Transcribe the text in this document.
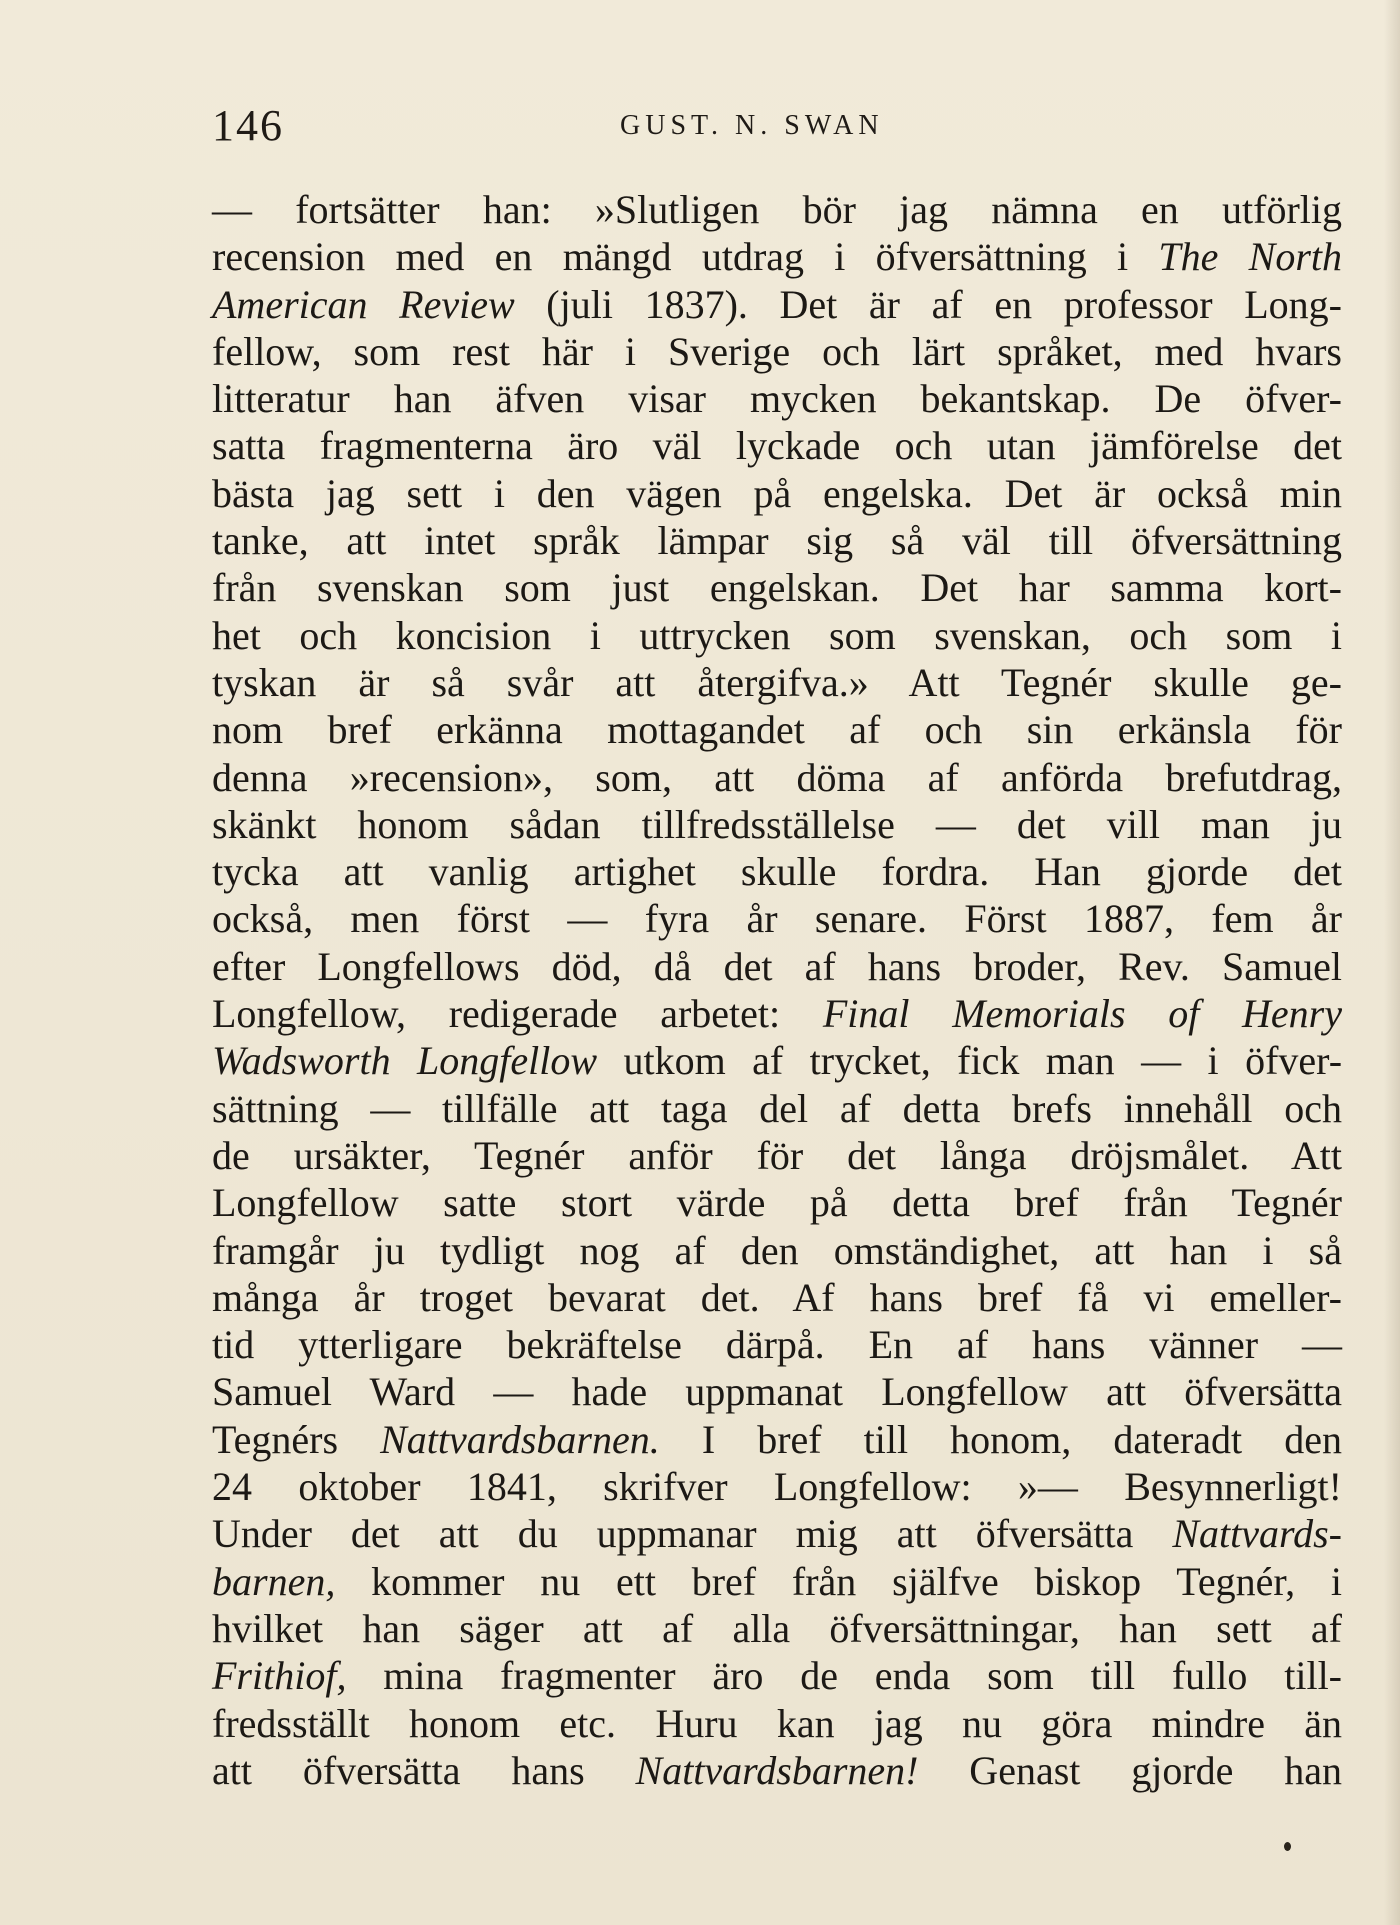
146	GUST. N. SWAN
— fortsätter han: »Slutligen bör jag nämna en utförlig
recension med en mängd utdrag i öfversättning i The North
American Review (juli 1837). Det är af en professor Long-
fellow, som rest här i Sverige och lärt språket, med hvars
litteratur han äfven visar mycken bekantskap. De öfver-
satta fragmenterna äro väl lyckade och utan jämförelse det
bästa jag sett i den vägen på engelska. Det är också min
tanke, att intet språk lämpar sig så väl till öfversättning
från svenskan som just engelskan. Det har samma kort-
het och koncision i uttrycken som svenskan, och som i
tyskan är så svår att återgifva.» Att Tegnér skulle ge-
nom bref erkänna mottagandet af och sin erkänsla för
denna »recension», som, att döma af anförda brefutdrag,
skänkt honom sådan tillfredsställelse — det vill man ju
tycka att vanlig artighet skulle fordra. Han gjorde det
också, men först — fyra år senare. Först 1887, fem år
efter Longfellows död, då det af hans broder, Rev. Samuel
Longfellow, redigerade arbetet: Final Memorials of Henry
Wadsworth Longfellow utkom af trycket, fick man — i öfver-
sättning — tillfälle att taga del af detta brefs innehåll och
de ursäkter, Tegnér anför för det långa dröjsmålet. Att
Longfellow satte stort värde på detta bref från Tegnér
framgår ju tydligt nog af den omständighet, att han i så
många år troget bevarat det. Af hans bref få vi emeller-
tid ytterligare bekräftelse därpå. En af hans vänner —
Samuel Ward — hade uppmanat Longfellow att öfversätta
Tegnérs Nattvardsbarnen. I bref till honom, dateradt den
24 oktober 1841, skrifver Longfellow: »— Besynnerligt!
Under det att du uppmanar mig att öfversätta Nattvards-
barnen, kommer nu ett bref från själfve biskop Tegnér, i
hvilket han säger att af alla öfversättningar, han sett af
Frithiof, mina fragmenter äro de enda som till fullo till-
fredsställt honom etc. Huru kan jag nu göra mindre än
att öfversätta hans Nattvardsbarnen! Genast gjorde han
